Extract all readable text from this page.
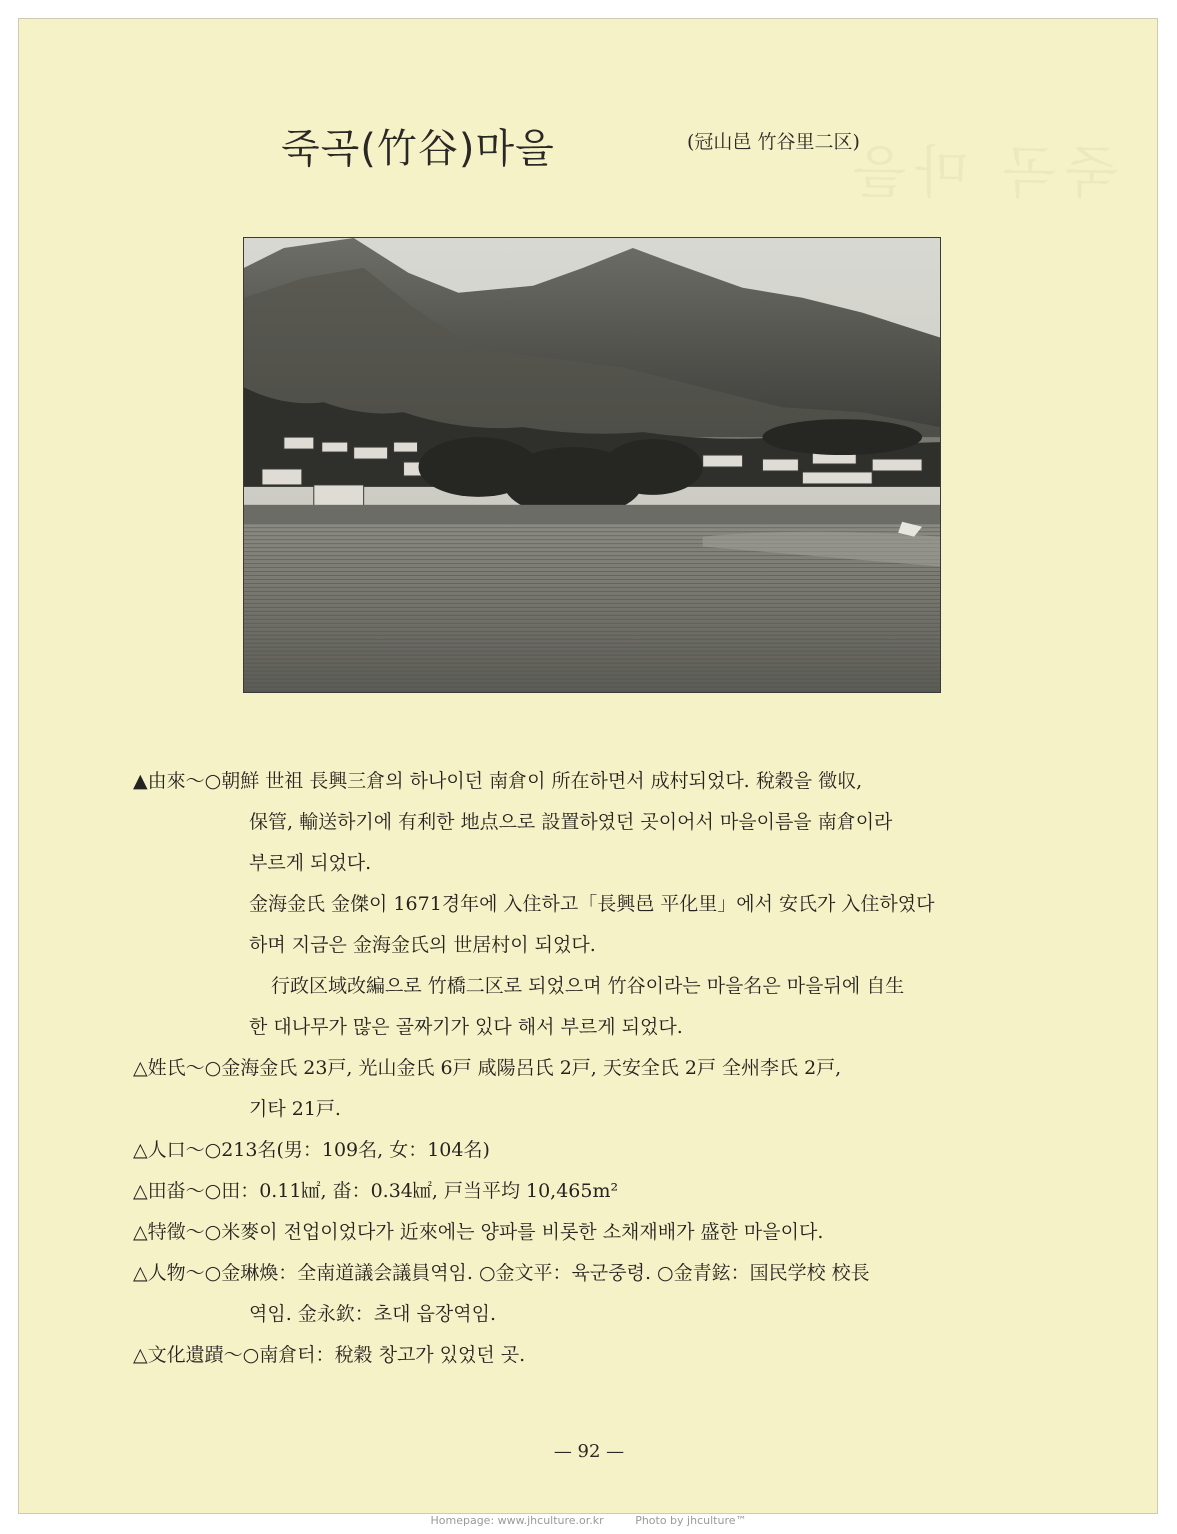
죽곡 마을
죽곡(竹谷)마을	(冠山邑 竹谷里二区)
▲由來～○朝鮮 世祖 長興三倉의 하나이던 南倉이 所在하면서 成村되었다. 稅穀을 徵収,
保管, 輸送하기에 有利한 地点으로 設置하였던 곳이어서 마을이름을 南倉이라
부르게 되었다.
金海金氏 金傑이 1671경年에 入住하고「長興邑 平化里」에서 安氏가 入住하였다
하며 지금은 金海金氏의 世居村이 되었다.
行政区域改編으로 竹橋二区로 되었으며 竹谷이라는 마을名은 마을뒤에 自生
한 대나무가 많은 골짜기가 있다 해서 부르게 되었다.
△姓氏～○金海金氏 23戸, 光山金氏 6戸 咸陽呂氏 2戸, 天安全氏 2戸 全州李氏 2戸,
기타 21戸.
△人口～○213名(男：109名, 女：104名)
△田畓～○田：0.11㎢, 畓：0.34㎢, 戸当平均 10,465m²
△特徵～○米麥이 전업이었다가 近來에는 양파를 비롯한 소채재배가 盛한 마을이다.
△人物～○金琳煥：全南道議会議員역임. ○金文平：육군중령. ○金青鉉：国民学校 校長
역임. 金永欽：초대 읍장역임.
△文化遺蹟～○南倉터：稅穀 창고가 있었던 곳.
— 92 —
Homepage: www.jhculture.or.kr	Photo by jhculture™
